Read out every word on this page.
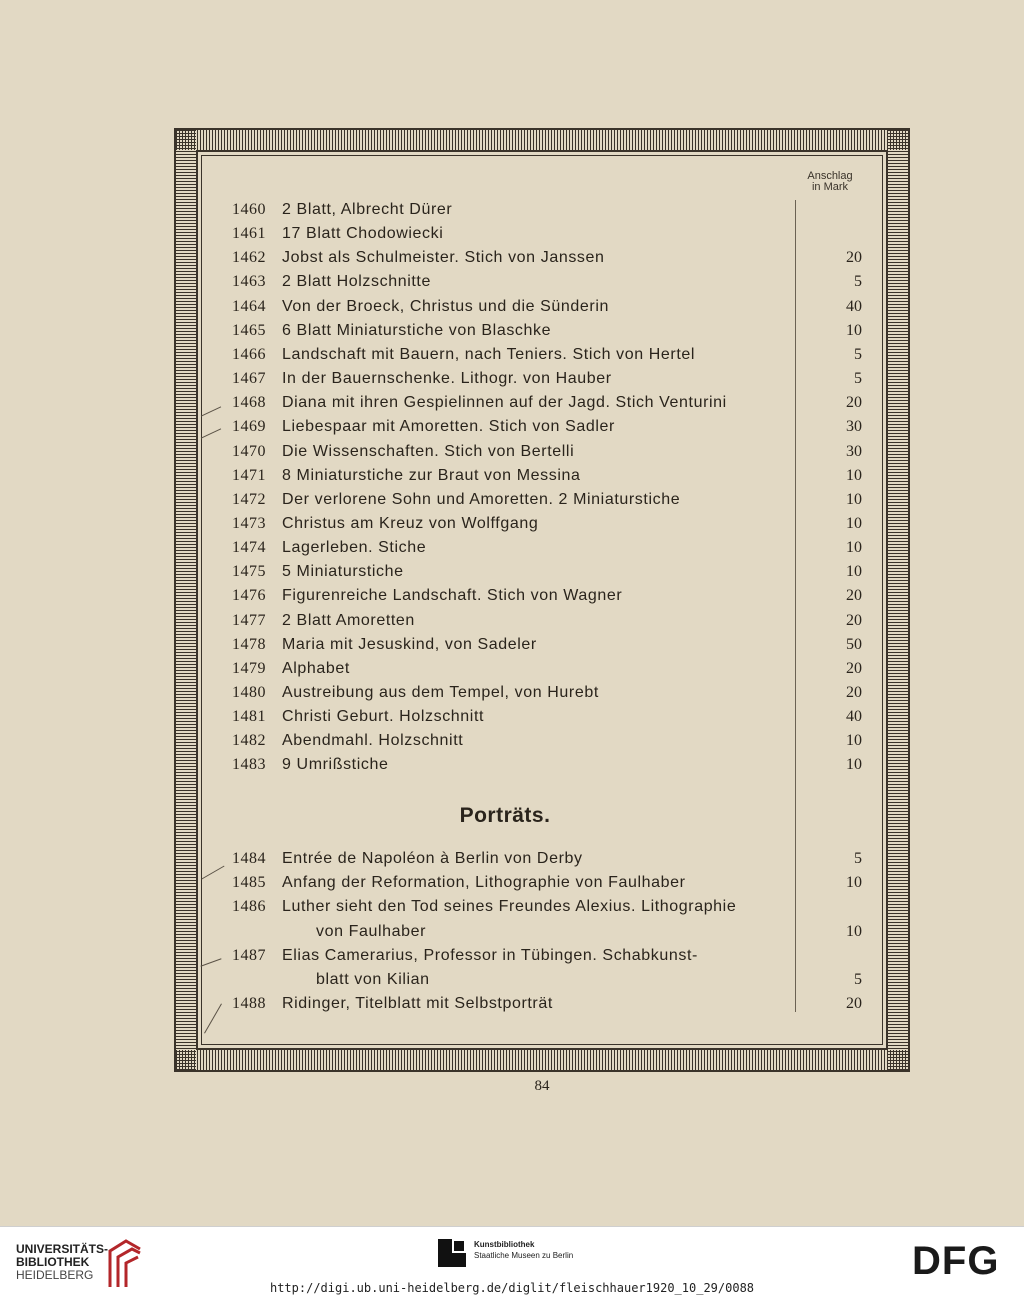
Anschlag
in Mark
1460 2 Blatt, Albrecht Dürer
1461 17 Blatt Chodowiecki
1462 Jobst als Schulmeister. Stich von Janssen	20
1463 2 Blatt Holzschnitte	5
1464 Von der Broeck, Christus und die Sünderin	40
1465 6 Blatt Miniaturstiche von Blaschke	10
1466 Landschaft mit Bauern, nach Teniers. Stich von Hertel	5
1467 In der Bauernschenke. Lithogr. von Hauber	5
1468 Diana mit ihren Gespielinnen auf der Jagd. Stich Venturini	20
1469 Liebespaar mit Amoretten. Stich von Sadler	30
1470 Die Wissenschaften. Stich von Bertelli	30
1471 8 Miniaturstiche zur Braut von Messina	10
1472 Der verlorene Sohn und Amoretten. 2 Miniaturstiche	10
1473 Christus am Kreuz von Wolffgang	10
1474 Lagerleben. Stiche	10
1475 5 Miniaturstiche	10
1476 Figurenreiche Landschaft. Stich von Wagner	20
1477 2 Blatt Amoretten	20
1478 Maria mit Jesuskind, von Sadeler	50
1479 Alphabet	20
1480 Austreibung aus dem Tempel, von Hurebt	20
1481 Christi Geburt. Holzschnitt	40
1482 Abendmahl. Holzschnitt	10
1483 9 Umrißstiche	10
Porträts.
1484 Entrée de Napoléon à Berlin von Derby	5
1485 Anfang der Reformation, Lithographie von Faulhaber	10
1486 Luther sieht den Tod seines Freundes Alexius. Lithographie
von Faulhaber	10
1487 Elias Camerarius, Professor in Tübingen. Schabkunst-
blatt von Kilian	5
1488 Ridinger, Titelblatt mit Selbstporträt	20
84
UNIVERSITÄTS-
BIBLIOTHEK
HEIDELBERG
Kunstbibliothek
Staatliche Museen zu Berlin	DFG
http://digi.ub.uni-heidelberg.de/diglit/fleischhauer1920_10_29/0088
